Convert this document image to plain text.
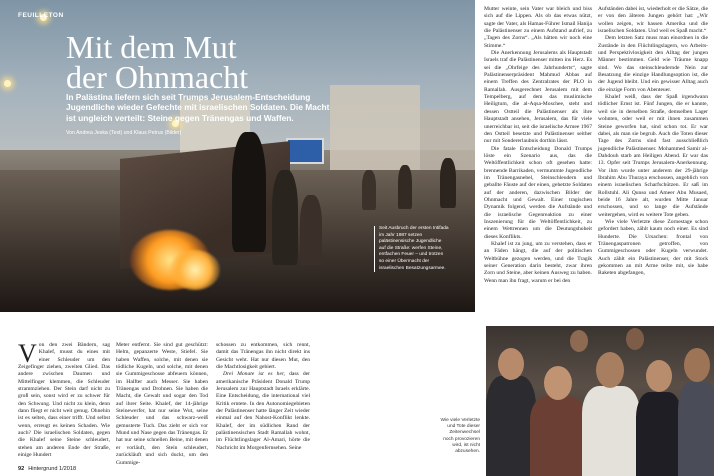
FEUILLETON
Mit dem Mut
der Ohnmacht

In Palästina liefern sich seit Trumps Jerusalem-Entscheidung Jugendliche wieder Gefechte mit israelischen Soldaten. Die Macht ist ungleich verteilt: Steine gegen Tränengas und Waffen.

Von Andrea Jeska (Text) und Klaus Petrus (Bilder)
Seit Ausbruch der ersten Intifada im Jahr 1987 setzen palästinensische Jugendliche auf die Straße: werfen Steine, entfachen Feuer – und trotzen so einer Übermacht der israelischen Besatzungsarmee.

Mutter weinte, sein Vater war bleich und biss sich auf die Lippen. Als ob das etwas nützt, sagte der Vater, als Hamas-Führer Ismail Hanija die Palästinenser zu einem Aufstand aufrief, zu „Tagen des Zorns“. „Als hätten wir noch eine Stimme.“

Die Anerkennung Jerusalems als Hauptstadt Israels traf die Palästinenser mitten ins Herz. Es sei die „Ohrfeige des Jahrhunderts“, sagte Palästinenserpräsident Mahmud Abbas auf einem Treffen des Zentralrates der PLO in Ramallah. Ausgerechnet Jerusalem mit dem Tempelberg, auf dem das muslimische Heiligtum, die al-Aqsa-Moschee, steht und dessen Ostteil die Palästinenser als ihre Hauptstadt ansehen, Jerusalem, das für viele unerreichbar ist, seit die israelische Armee 1967 den Ostteil besetzte und Palästinenser seither nur mit Sondererlaubnis dorthin lässt.

Die fatale Entscheidung Donald Trumps löste ein Szenario aus, das die Weltöffentlichkeit schon oft gesehen hatte: brennende Barrikaden, vermummte Jugendliche im Tränengasnebel, Steinschleudern und geballte Fäuste auf der einen, gehetzte Soldaten auf der anderen, dazwischen Bilder der Ohnmacht und Gewalt. Einer tragischen Dynamik folgend, werden die Aufstände und die israelische Gegenreaktion zu einer Inszenierung für die Weltöffentlichkeit, zu einem Wettrennen um die Deutungshoheit dieses Konflikts.

Khalef ist zu jung, um zu verstehen, dass er an Fäden hängt, die auf der politischen Weltbühne gezogen werden, und die Tragik seiner Generation darin besteht, zwar ihren Zorn und Steine, aber keinen Ausweg zu haben. Wenn man ihn fragt, warum er bei den

Aufständen dabei ist, wiederholt er die Sätze, die er von den älteren Jungen gehört hat: „Wir wollen zeigen, wir hassen Amerika und die israelischen Soldaten. Und weil es Spaß macht.“

Dem letzten Satz muss man einordnen in die Zustände in den Flüchtlingslagern, wo Arbeits- und Perspektivlosigkeit den Alltag der jungen Männer bestimmen. Geld wie Träume knapp sind. Wo das steinschleudernde Nein zur Besatzung die einzige Handlungsoption ist, die der Jugend bleibt. Und ein gewisser Alltag auch die einzige Form von Abenteuer.

Khalef weiß, dass der Spaß irgendwann tödlicher Ernst ist. Fünf Jungen, die er kannte, weil sie in derselben Straße, demselben Lager wohnten, oder weil er mit ihnen zusammen Steine geworfen hat, sind schon tot. Er war dabei, als man sie begrub. Auch die Toten dieser Tage des Zorns sind fast ausschließlich jugendliche Palästinenser. Mohammed Samir al-Dahdouh starb am Heiligen Abend. Er war das 13. Opfer seit Trumps Jerusalem-Anerkennung. Vor ihm wurde unter anderem der 29-jährige Ibrahim Abu Thuraya erschossen, angeblich von einem israelischen Scharfschützen. Er saß im Rollstuhl. Ali Qunso und Ameer Abu Musaed, beide 16 Jahre alt, wurden Mitte Januar erschossen, und so lange die Aufstände weitergehen, wird es weitere Tote geben.

Wie viele Verletzte diese Zornestage schon gefordert haben, zählt kaum noch einer. Es sind Hunderte. Die Ursachen: frontal von Tränengaspatronen getroffen, von Gummigeschossen oder Kugeln verwundet. Auch zählt ein Palästinenser, der mit Stock gekommen an mit Arme teilte mit, sie habe Raketen abgefangen,

Von den zwei Bändern, sag Khalef, musst du eines mit einer Schleuder um den Zeigefinger ziehen, zweiten Glied. Das andere zwischen Daumen und Mittelfinger klemmen, die Schleuder strammziehen. Der Stein darf nicht zu groß sein, sonst wird er zu schwer für den Schwung. Und nicht zu klein, denn dann fliegt er nicht weit genug. Ohnehin ist es selten, dass einer trifft. Und selbst wenn, erreugt es keinen Schaden. Wie auch? Die israelischen Soldaten, gegen die Khalef seine Steine schleudert, stehen am anderen Ende der Straße, einige Hundert

Meter entfernt. Sie sind gut geschützt: Helm, gepanzerte Weste, Stiefel. Sie haben Waffen, solche, mit denen sie tödliche Kugeln, und solche, mit denen sie Gummigeschosse abfeuern können, im Halfter auch Messer. Sie haben Tränengas und Drohnen. Sie haben die Macht, die Gewalt und sogar den Tod auf ihrer Seite. Khalef, der 14-jährige Steinewerfer, hat nur seine Wut, seine Schleuder und das schwarz-weiß gemusterte Tuch. Das zieht er sich vor Mund und Nase gegen das Tränengas. Er hat nur seine schnellen Beine, mit denen er vorläuft, den Stein schleudert, zurückläuft und sich duckt, um den Gummige-

schossen zu entkommen, sich rennt, damit das Tränengas ihn nicht direkt ins Gesicht weht. Hat nur diesen Mut, den die Machtlosigkeit gebiert.

Drei Monate ist es her, dass der amerikanische Präsident Donald Trump Jerusalem zur Hauptstadt Israels erklärte. Eine Entscheidung, die international viel Kritik erntete. In den Autonomiegebieten der Palästinenser hatte länger Zeit wieder einmal auf den Nahost-Konflikt lenkte. Khalef, der im südlichen Rand der palästinensischen Stadt Ramallah wohnt, im Flüchtlingslager Al-Amari, hörte die Nachricht im Morgenfernsehen. Seine

Wie viele Verletzte und Tote dieser Zeitenwechsel noch provozieren wird, ist nicht abzusehen.
92 Hintergrund 1/2018
